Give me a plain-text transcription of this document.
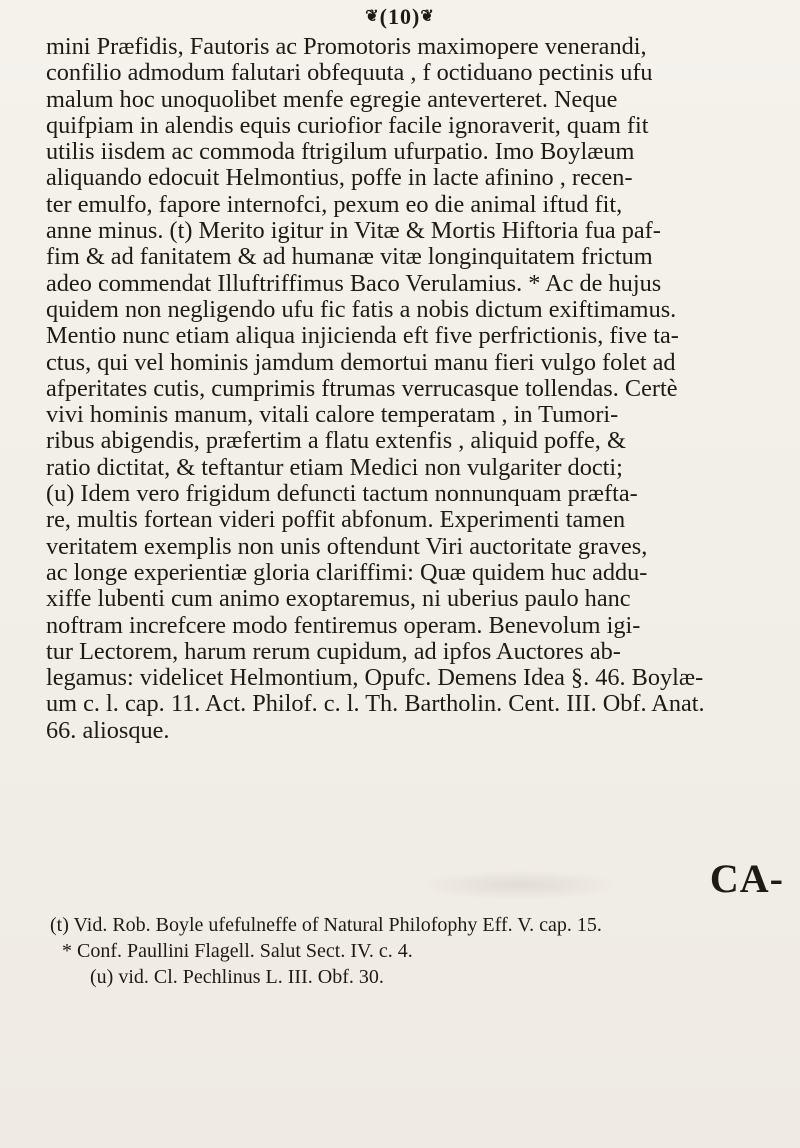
❦(10)❦
mini Præfidis, Fautoris ac Promotoris maximopere venerandi,
confilio admodum falutari obfequuta , f octiduano pectinis ufu
malum hoc unoquolibet menfe egregie anteverteret. Neque
quifpiam in alendis equis curiofior facile ignoraverit, quam fit
utilis iisdem ac commoda ftrigilum ufurpatio. Imo Boylæum
aliquando edocuit Helmontius, poffe in lacte afinino , recen-
ter emulfo, fapore internofci, pexum eo die animal iftud fit,
anne minus. (t) Merito igitur in Vitæ & Mortis Hiftoria fua paf-
fim & ad fanitatem & ad humanæ vitæ longinquitatem frictum
adeo commendat Illuftriffimus Baco Verulamius. * Ac de hujus
quidem non negligendo ufu fic fatis a nobis dictum exiftimamus.
Mentio nunc etiam aliqua injicienda eft five perfrictionis, five ta-
ctus, qui vel hominis jamdum demortui manu fieri vulgo folet ad
afperitates cutis, cumprimis ftrumas verrucasque tollendas. Certè
vivi hominis manum, vitali calore temperatam , in Tumori-
ribus abigendis, præfertim a flatu extenfis , aliquid poffe, &
ratio dictitat, & teftantur etiam Medici non vulgariter docti;
(u) Idem vero frigidum defuncti tactum nonnunquam præfta-
re, multis fortean videri poffit abfonum. Experimenti tamen
veritatem exemplis non unis oftendunt Viri auctoritate graves,
ac longe experientiæ gloria clariffimi: Quæ quidem huc addu-
xiffe lubenti cum animo exoptaremus, ni uberius paulo hanc
noftram increfcere modo fentiremus operam. Benevolum igi-
tur Lectorem, harum rerum cupidum, ad ipfos Auctores ab-
legamus: videlicet Helmontium, Opufc. Demens Idea §. 46. Boylæ-
um c. l. cap. 11. Act. Philof. c. l. Th. Bartholin. Cent. III. Obf. Anat.
66. aliosque.
CA-
(t) Vid. Rob. Boyle ufefulneffe of Natural Philofophy Eff. V. cap. 15.
* Conf. Paullini Flagell. Salut Sect. IV. c. 4.
(u) vid. Cl. Pechlinus L. III. Obf. 30.
